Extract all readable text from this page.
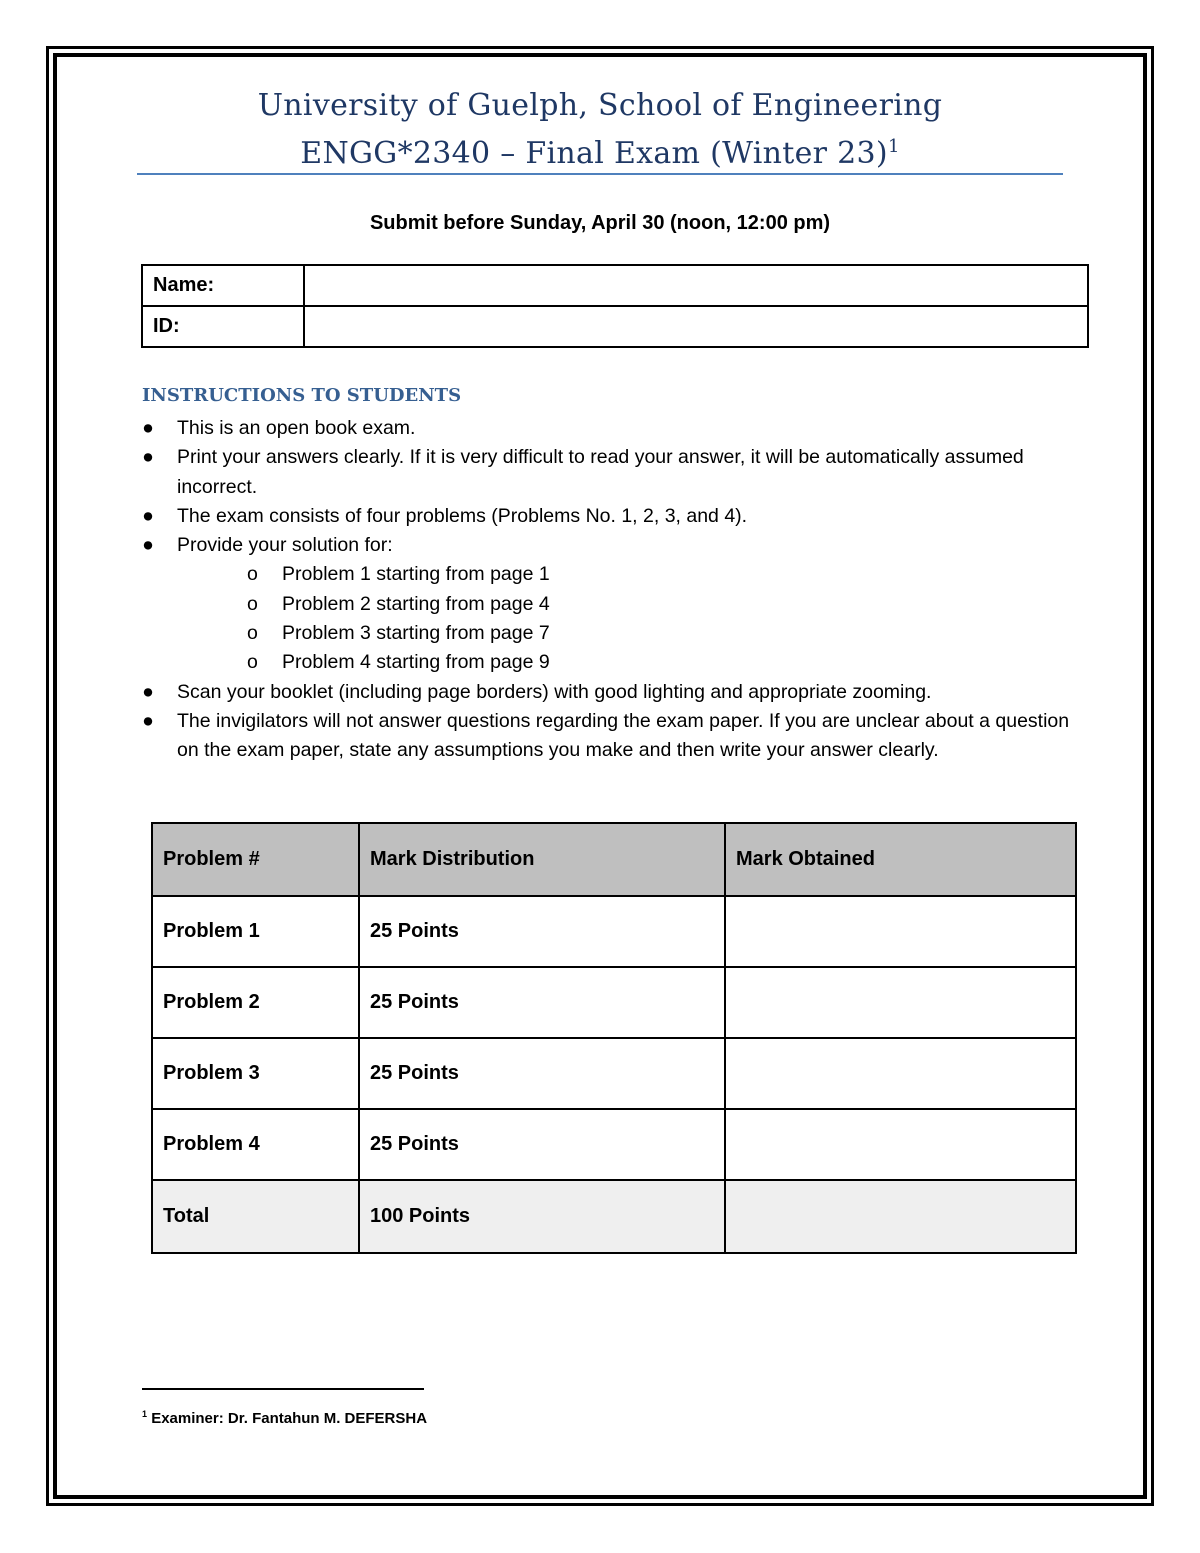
University of Guelph, School of Engineering
ENGG*2340 – Final Exam (Winter 23)$^1$
Submit before Sunday, April 30 (noon, 12:00 pm)
Name:	
ID:	
INSTRUCTIONS TO STUDENTS
● This is an open book exam.
● Print your answers clearly. If it is very difficult to read your answer, it will be automatically assumed incorrect.
● The exam consists of four problems (Problems No. 1, 2, 3, and 4).
● Provide your solution for:
o Problem 1 starting from page 1
o Problem 2 starting from page 4
o Problem 3 starting from page 7
o Problem 4 starting from page 9
● Scan your booklet (including page borders) with good lighting and appropriate zooming.
● The invigilators will not answer questions regarding the exam paper. If you are unclear about a question on the exam paper, state any assumptions you make and then write your answer clearly.
Problem #	Mark Distribution	Mark Obtained
Problem 1	25 Points	
Problem 2	25 Points	
Problem 3	25 Points	
Problem 4	25 Points	
Total	100 Points	
$^1$ Examiner: Dr. Fantahun M. DEFERSHA
